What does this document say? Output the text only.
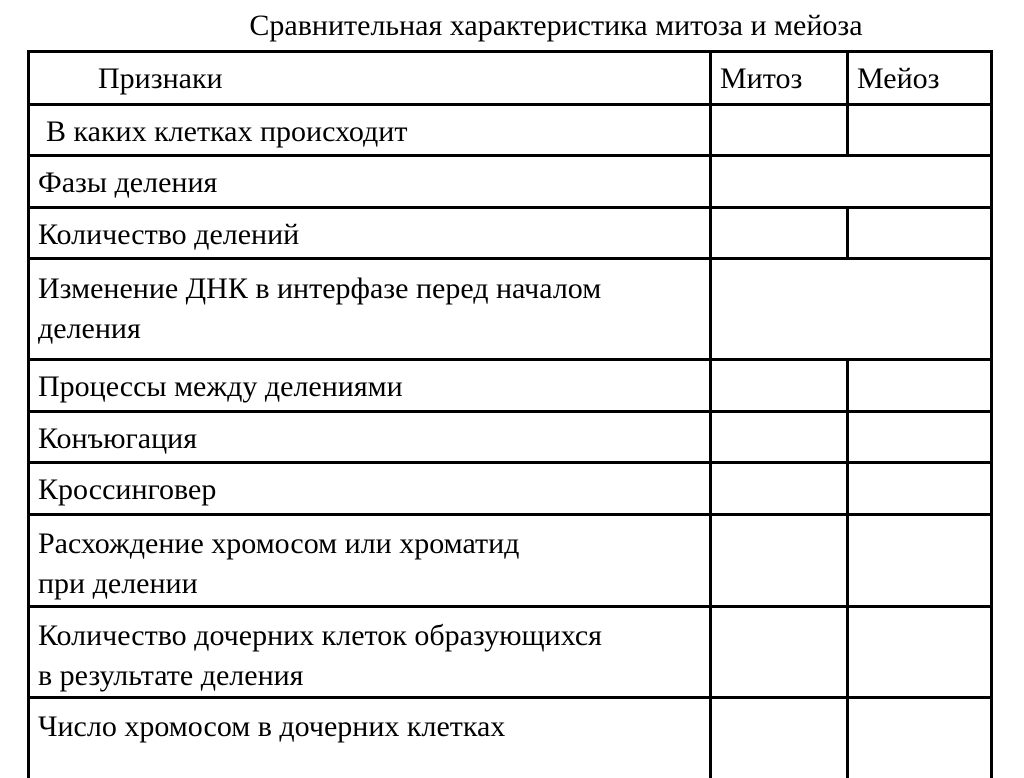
Сравнительная характеристика митоза и мейоза
Признаки	Митоз	Мейоз
В каких клетках происходит		
Фазы деления		
Количество делений		

Изменение ДНК в интерфазе перед началом
деления		

Процессы между делениями		
Конъюгация		
Кроссинговер		

Расхождение хромосом или хроматид
при делении		

Количество дочерних клеток образующихся
в результате деления		

Число хромосом в дочерних клетках		
